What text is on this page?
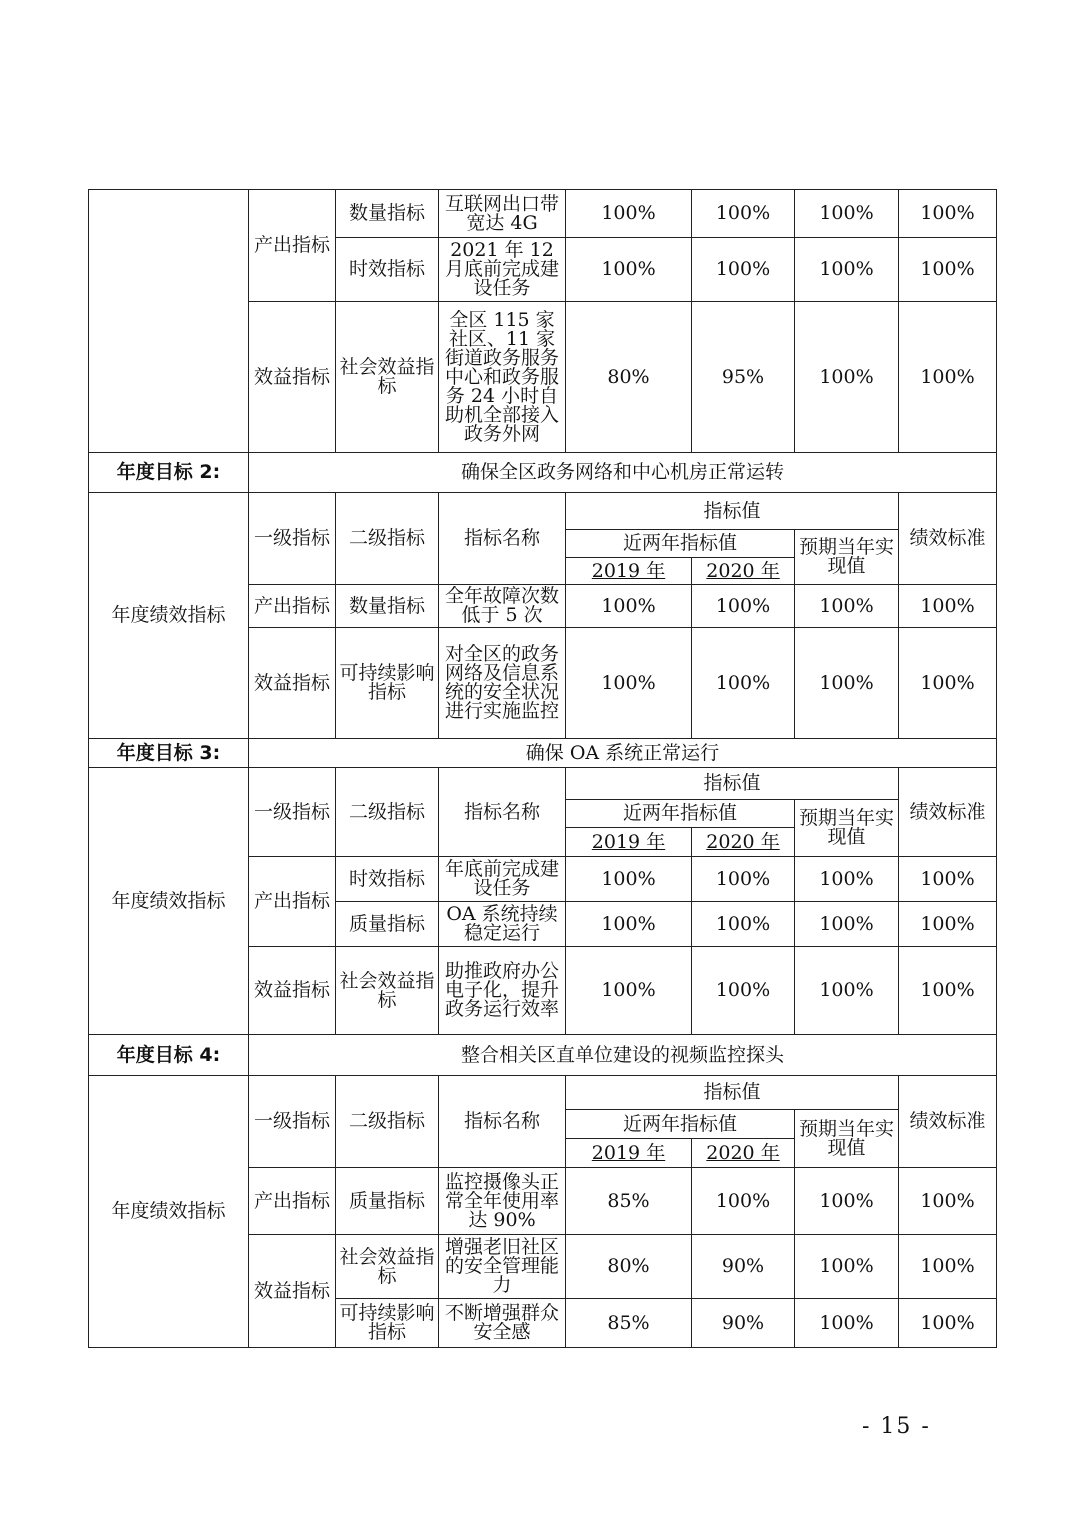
	产出指标	数量指标	互联网出口带宽达 4G	100%	100%	100%	100%
		时效指标	2021 年 12 月底前完成建设任务	100%	100%	100%	100%
	效益指标	社会效益指标	全区 115 家社区、11 家街道政务服务中心和政务服务 24 小时自助机全部接入政务外网	80%	95%	100%	100%
年度目标 2:	确保全区政务网络和中心机房正常运转						
年度绩效指标	一级指标	二级指标	指标名称	指标值			绩效标准
				近两年指标值		预期当年实现值	
				2019 年	2020 年		
	产出指标	数量指标	全年故障次数低于 5 次	100%	100%	100%	100%
	效益指标	可持续影响指标	对全区的政务网络及信息系统的安全状况进行实施监控	100%	100%	100%	100%
年度目标 3:	确保 OA 系统正常运行						
年度绩效指标	一级指标	二级指标	指标名称	指标值			绩效标准
				近两年指标值		预期当年实现值	
				2019 年	2020 年		
	产出指标	时效指标	年底前完成建设任务	100%	100%	100%	100%
		质量指标	OA 系统持续稳定运行	100%	100%	100%	100%
	效益指标	社会效益指标	助推政府办公电子化，提升政务运行效率	100%	100%	100%	100%
年度目标 4:	整合相关区直单位建设的视频监控探头						
年度绩效指标	一级指标	二级指标	指标名称	指标值			绩效标准
				近两年指标值		预期当年实现值	
				2019 年	2020 年		
	产出指标	质量指标	监控摄像头正常全年使用率达 90%	85%	100%	100%	100%
	效益指标	社会效益指标	增强老旧社区的安全管理能力	80%	90%	100%	100%
		可持续影响指标	不断增强群众安全感	85%	90%	100%	100%
- 15 -
